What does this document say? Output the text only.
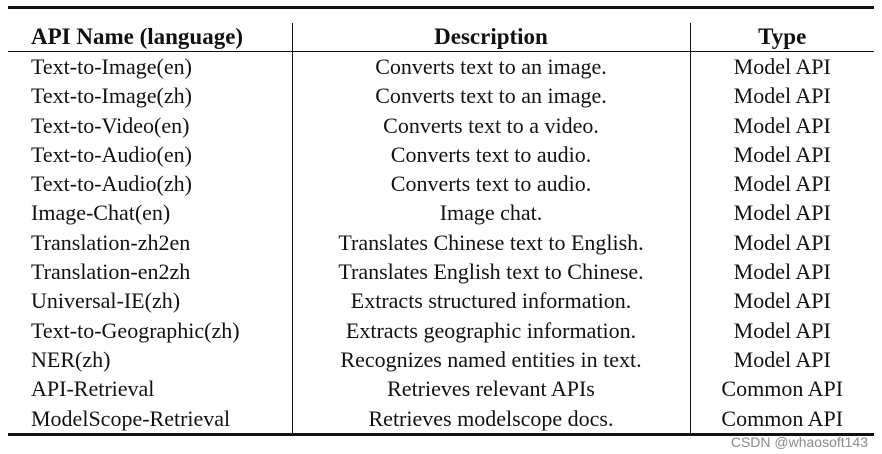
API Name (language)	Description	Type
Text-to-Image(en)	Converts text to an image.	Model API
Text-to-Image(zh)	Converts text to an image.	Model API
Text-to-Video(en)	Converts text to a video.	Model API
Text-to-Audio(en)	Converts text to audio.	Model API
Text-to-Audio(zh)	Converts text to audio.	Model API
Image-Chat(en)	Image chat.	Model API
Translation-zh2en	Translates Chinese text to English.	Model API
Translation-en2zh	Translates English text to Chinese.	Model API
Universal-IE(zh)	Extracts structured information.	Model API
Text-to-Geographic(zh)	Extracts geographic information.	Model API
NER(zh)	Recognizes named entities in text.	Model API
API-Retrieval	Retrieves relevant APIs	Common API
ModelScope-Retrieval	Retrieves modelscope docs.	Common API
CSDN @whaosoft143
